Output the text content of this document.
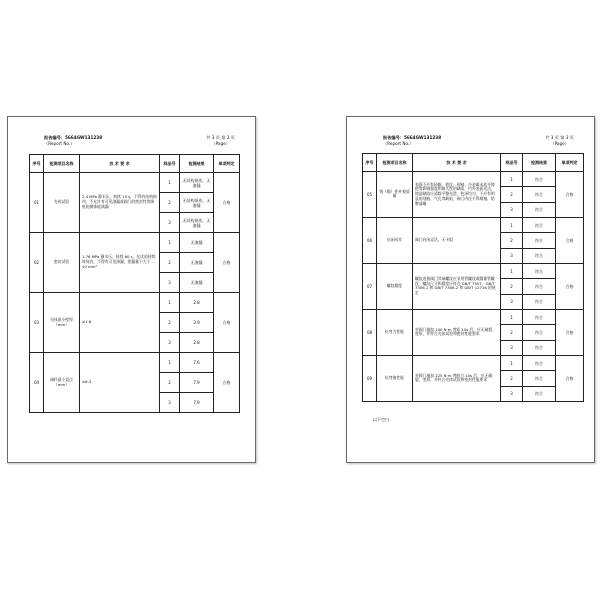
报告编号：5664GW131238
（Report No.）
共 3 页 第 2 页
（Page）
序号	检测项目名称	技 术 要 求	样品号	检测结果	单项判定
01	壳体试验	2.4 MPa 静水压，持续 15 s，不得有结构损伤，不允许有可见渗漏或阀门的密封性等降低的测体能滴漏	1	无结构损伤，无渗漏	合格
			2	无结构损伤，无渗漏	
			3	无结构损伤，无渗漏	
02	密封试验	1.76 MPa 静水压，持续 60 s，在试验持续时间内，不得有可见渗漏，泄漏量不大于 … 10 mm³	1	无渗漏	合格
			2	无渗漏	
			3	无渗漏	
03	壳体最小壁厚（mm）	≥1.8	1	2.8	合格
			2	3.9	
			3	2.8	
04	阀杆最小直径（mm）	≥6.3	1	7.6	合格
			2	7.9	
			3	7.9	
报告编号：5664GW131238
（Report No.）
共 3 页 第 3 页
（Page）
序号	检测项目名称	技 术 要 求	样品号	检测结果	单项判定
05	铸（锻）件外观质量	表面不应有砂眼、裂纹、褶皱、冷金属未流平铸疤等影响强度和耐久性的缺陷，内外表面光洁，铸造缺陷应清除平整光滑，色泽均匀，不应有明显的划痕、气孔等缺陷，阀门内径不得堵塞，铭牌清晰	1	符合	合格
			2	符合	
			3	符合	
06	启闭动作	阀门启闭灵活，无卡阻	1	符合	合格
			2	符合	
			3	符合	
07	螺纹精度	螺纹连接阀门其端螺纹应采用管螺纹或圆锥管螺纹，螺纹尺寸和精度应符合 GB/T 7307、GB/T 7306.1 和 GB/T 7306.2 和 GB/T 12716 的规定	1	符合	合格
			2	符合	
			3	符合	
08	抗弯力性能	对阀门施加 100 N·m 弯矩 10s 后，应无破裂、变形，并符合壳体试验和密封性能要求	1	符合	合格
			2	符合	
			3	符合	
09	抗弯曲性能	对阀门施加 225 N·m 弯曲力 10s 后，应无破裂、变形，并符合壳体试验和密封性能要求	1	符合	合格
			2	符合	
			3	符合	
以下空白
